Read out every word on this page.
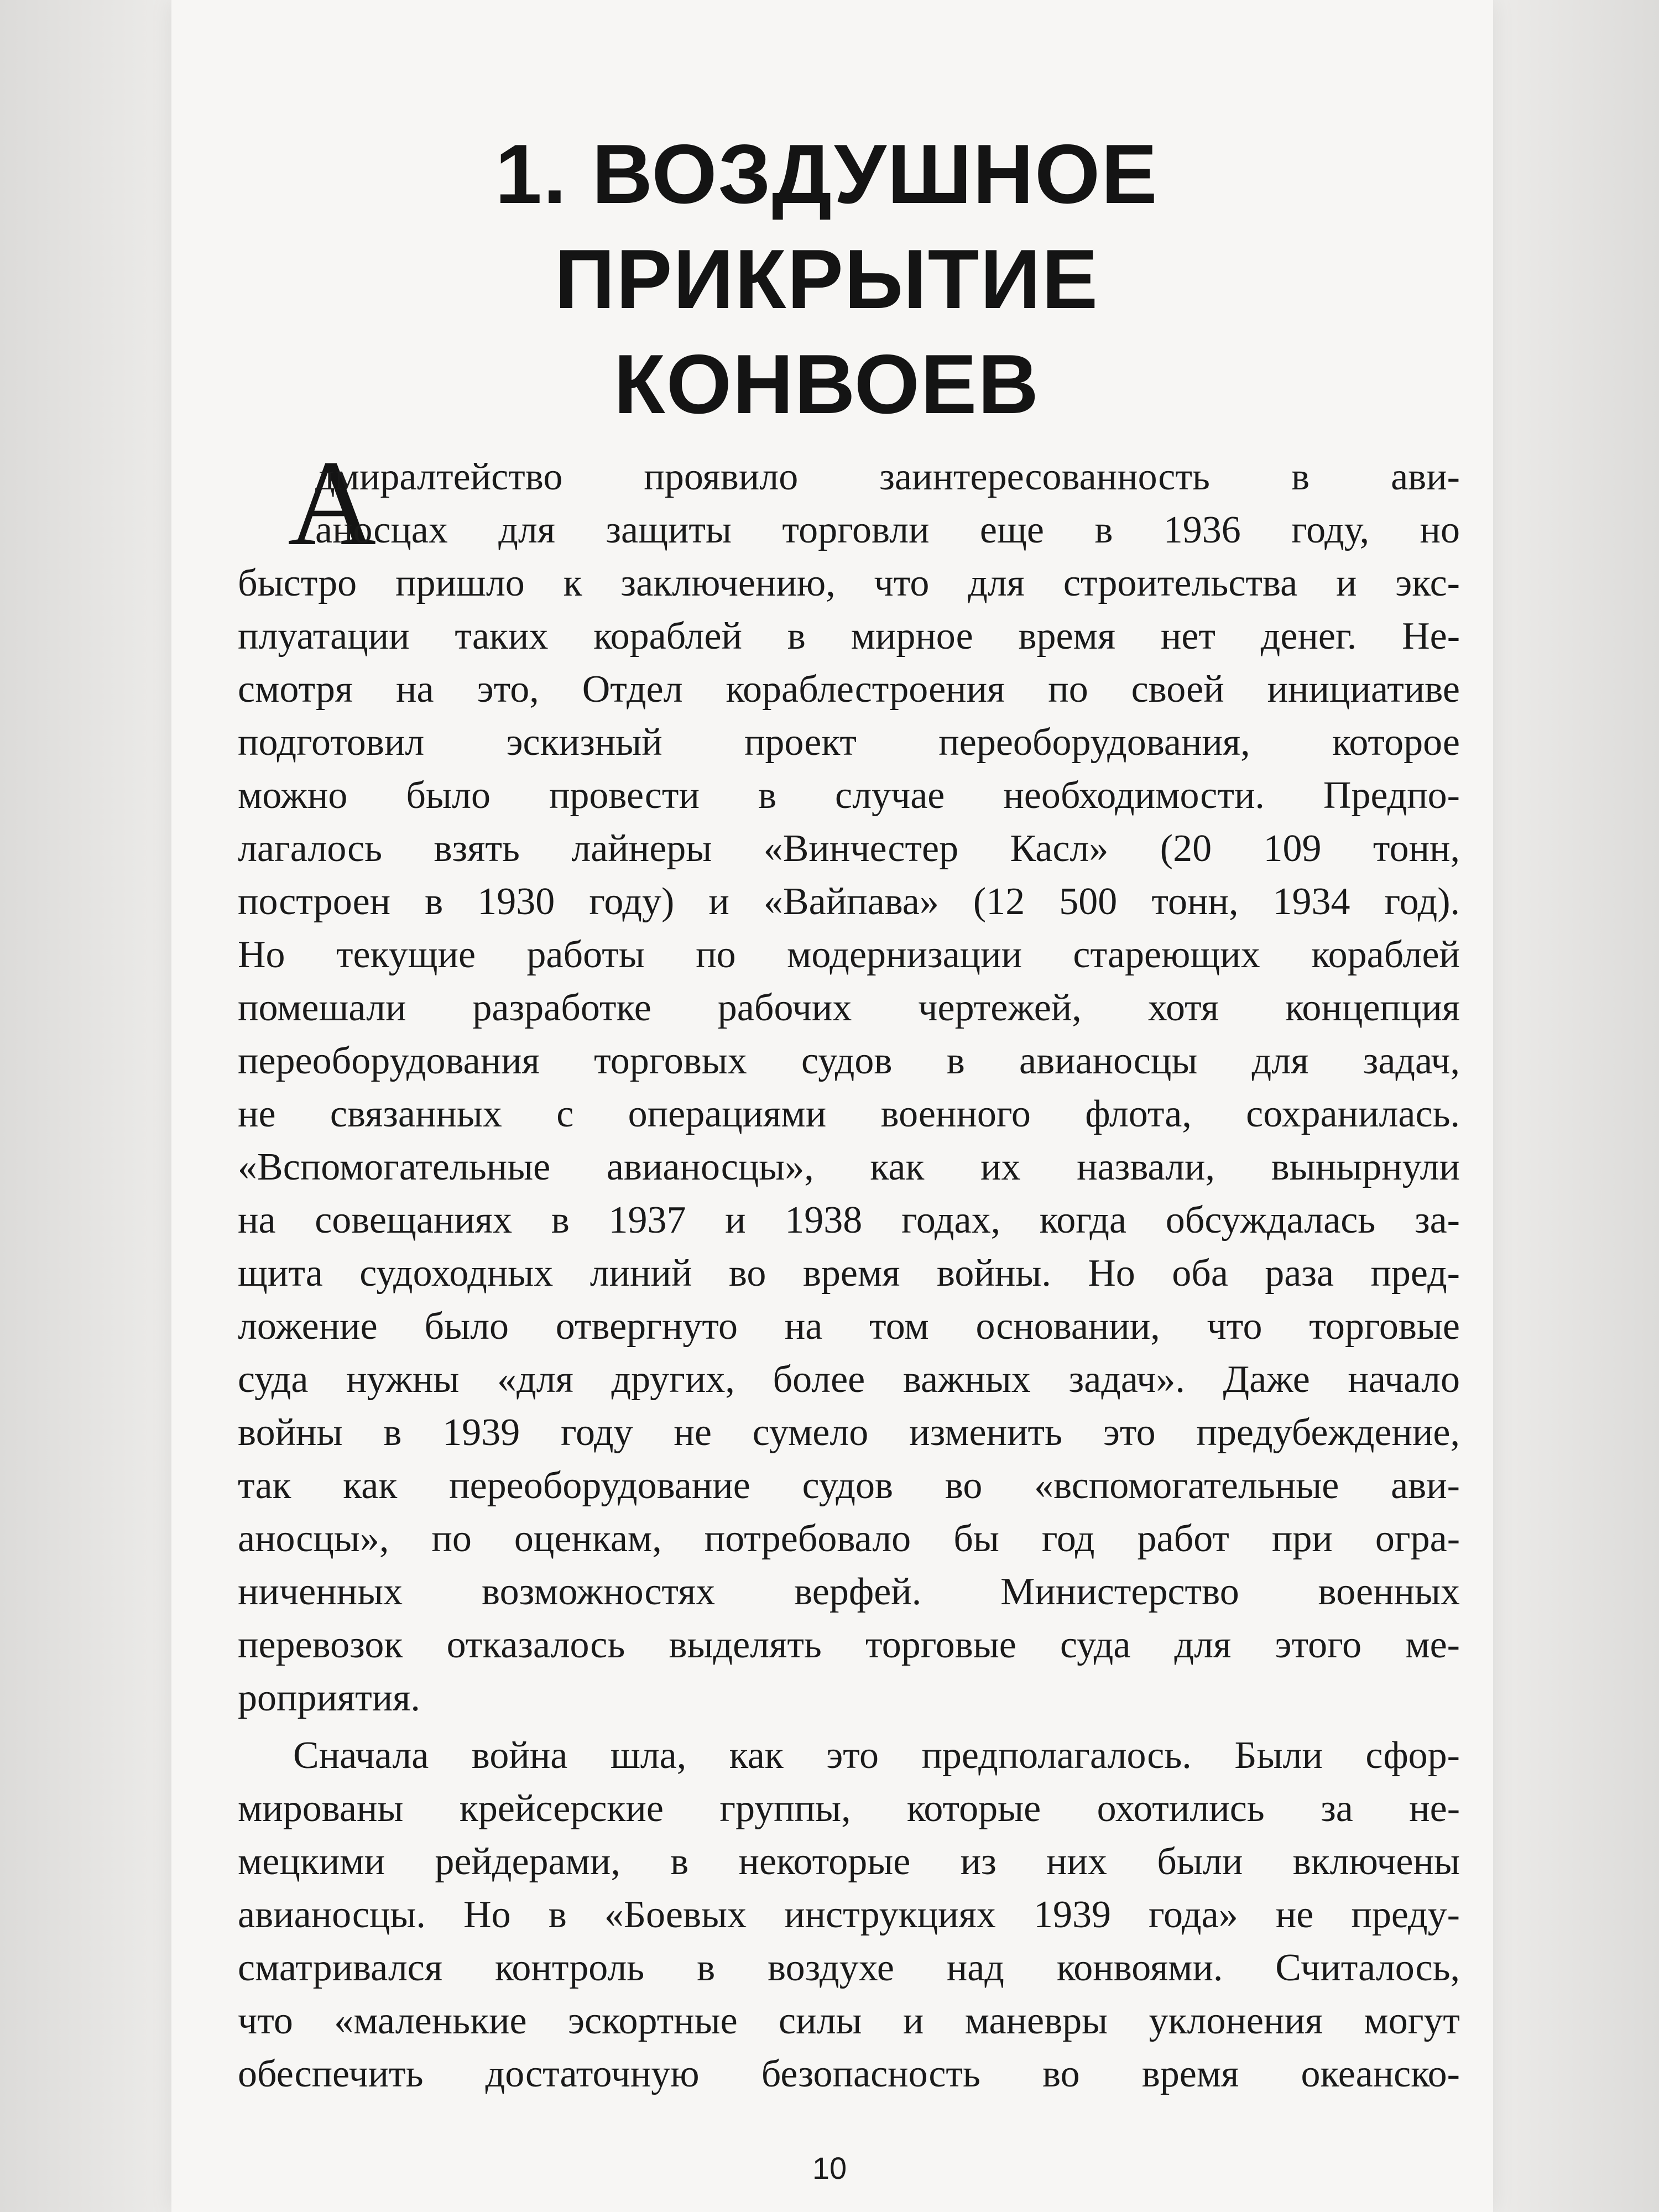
1. ВОЗДУШНОЕ ПРИКРЫТИЕ
КОНВОЕВ
А
дмиралтейство проявило заинтересованность в ави-
аносцах для защиты торговли еще в 1936 году, но
быстро пришло к заключению, что для строительства и экс-
плуатации таких кораблей в мирное время нет денег. Не-
смотря на это, Отдел кораблестроения по своей инициативе
подготовил эскизный проект переоборудования, которое
можно было провести в случае необходимости. Предпо-
лагалось взять лайнеры «Винчестер Касл» (20 109 тонн,
построен в 1930 году) и «Вайпава» (12 500 тонн, 1934 год).
Но текущие работы по модернизации стареющих кораблей
помешали разработке рабочих чертежей, хотя концепция
переоборудования торговых судов в авианосцы для задач,
не связанных с операциями военного флота, сохранилась.
«Вспомогательные авианосцы», как их назвали, вынырнули
на совещаниях в 1937 и 1938 годах, когда обсуждалась за-
щита судоходных линий во время войны. Но оба раза пред-
ложение было отвергнуто на том основании, что торговые
суда нужны «для других, более важных задач». Даже начало
войны в 1939 году не сумело изменить это предубеждение,
так как переоборудование судов во «вспомогательные ави-
аносцы», по оценкам, потребовало бы год работ при огра-
ниченных возможностях верфей. Министерство военных
перевозок отказалось выделять торговые суда для этого ме-
роприятия.
Сначала война шла, как это предполагалось. Были сфор-
мированы крейсерские группы, которые охотились за не-
мецкими рейдерами, в некоторые из них были включены
авианосцы. Но в «Боевых инструкциях 1939 года» не преду-
сматривался контроль в воздухе над конвоями. Считалось,
что «маленькие эскортные силы и маневры уклонения могут
обеспечить достаточную безопасность во время океанско-
10
